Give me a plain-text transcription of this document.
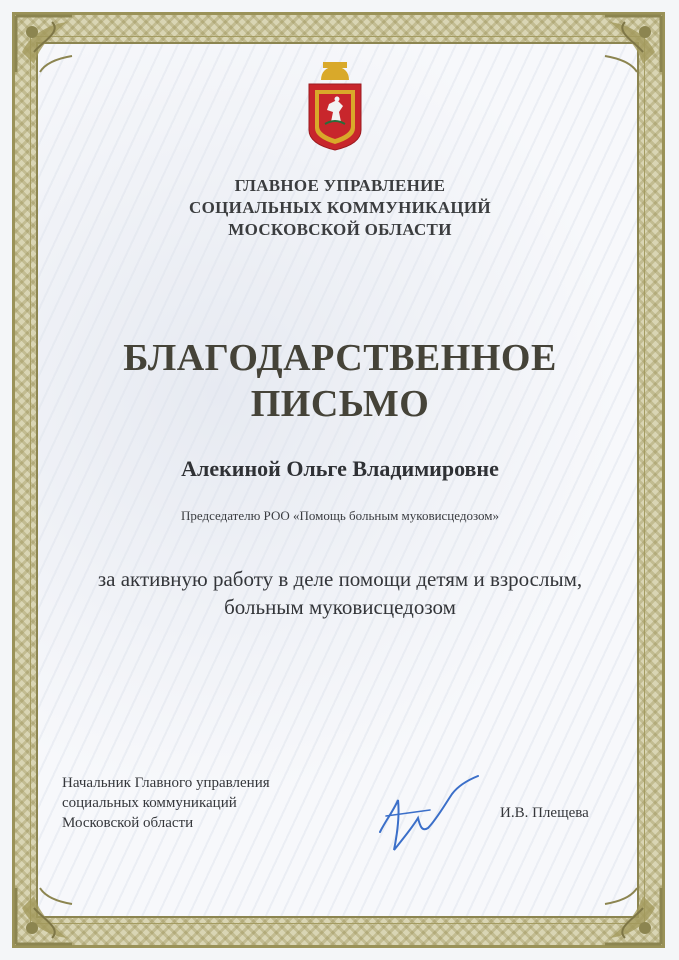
ГЛАВНОЕ УПРАВЛЕНИЕ
СОЦИАЛЬНЫХ КОММУНИКАЦИЙ
МОСКОВСКОЙ ОБЛАСТИ
БЛАГОДАРСТВЕННОЕ
ПИСЬМО
Алекиной Ольге Владимировне
Председателю РОО «Помощь больным муковисцедозом»
за активную работу в деле помощи детям и взрослым,
больным муковисцедозом
Начальник Главного управления
социальных коммуникаций
Московской области
И.В. Плещева
